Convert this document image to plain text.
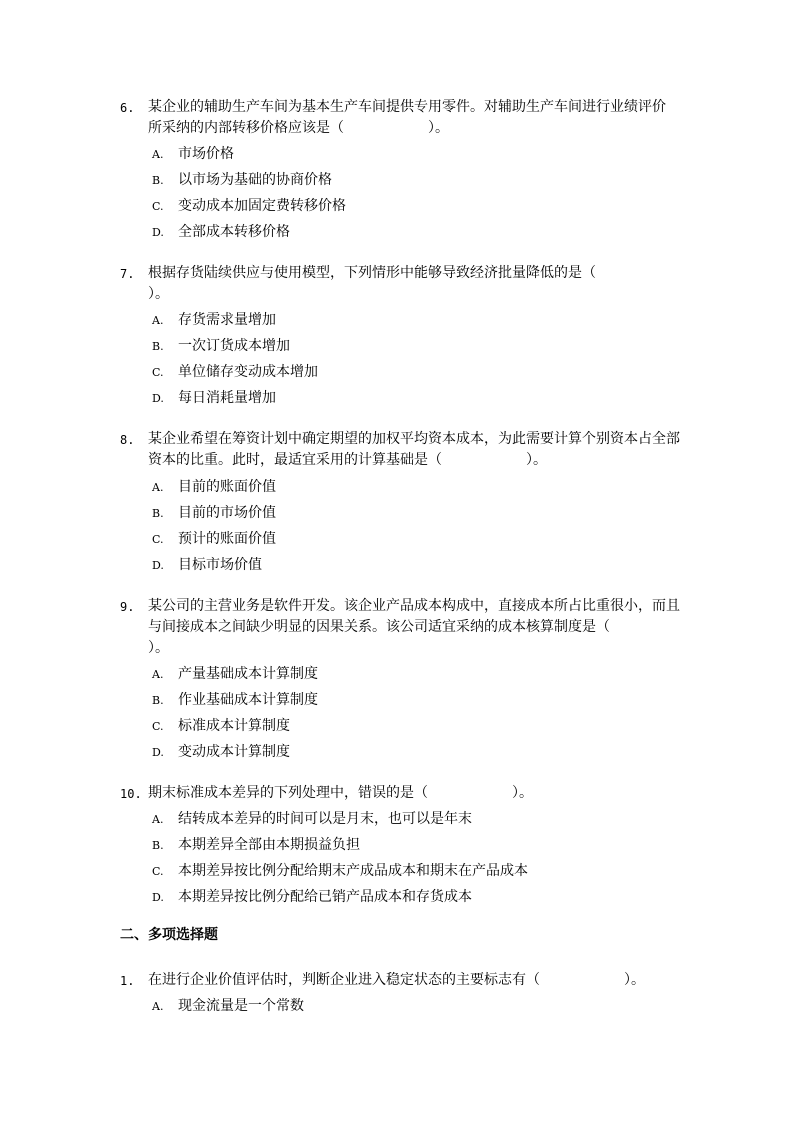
6. 某企业的辅助生产车间为基本生产车间提供专用零件。对辅助生产车间进行业绩评价
所采纳的内部转移价格应该是（　　　　　　）。
A. 市场价格
B. 以市场为基础的协商价格
C. 变动成本加固定费转移价格
D. 全部成本转移价格
7. 根据存货陆续供应与使用模型，下列情形中能够导致经济批量降低的是（
）。
A. 存货需求量增加
B. 一次订货成本增加
C. 单位储存变动成本增加
D. 每日消耗量增加
8. 某企业希望在筹资计划中确定期望的加权平均资本成本，为此需要计算个别资本占全部
资本的比重。此时，最适宜采用的计算基础是（　　　　　　）。
A. 目前的账面价值
B. 目前的市场价值
C. 预计的账面价值
D. 目标市场价值
9. 某公司的主营业务是软件开发。该企业产品成本构成中，直接成本所占比重很小，而且
与间接成本之间缺少明显的因果关系。该公司适宜采纳的成本核算制度是（
）。
A. 产量基础成本计算制度
B. 作业基础成本计算制度
C. 标准成本计算制度
D. 变动成本计算制度
10. 期末标准成本差异的下列处理中，错误的是（　　　　　　）。
A. 结转成本差异的时间可以是月末，也可以是年末
B. 本期差异全部由本期损益负担
C. 本期差异按比例分配给期末产成品成本和期末在产品成本
D. 本期差异按比例分配给已销产品成本和存货成本
二、多项选择题
1. 在进行企业价值评估时，判断企业进入稳定状态的主要标志有（　　　　　　）。
A. 现金流量是一个常数
